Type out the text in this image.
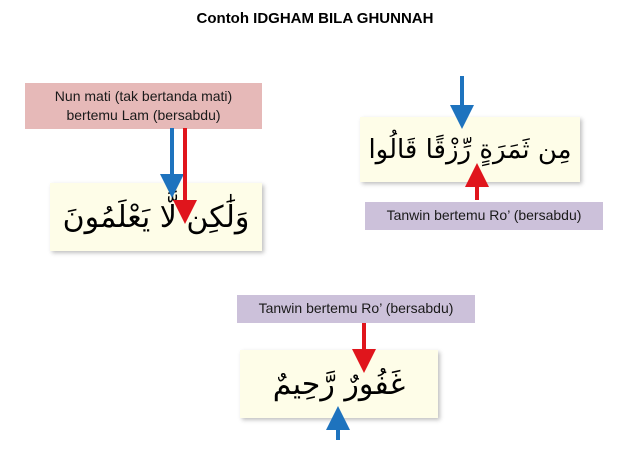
Contoh IDGHAM BILA GHUNNAH
Nun mati (tak bertanda mati) bertemu Lam (bersabdu)
وَلَٰكِن لَّا يَعْلَمُونَ
مِن ثَمَرَةٍ رِّزْقًا قَالُوا
Tanwin bertemu Ro’ (bersabdu)
Tanwin bertemu Ro’ (bersabdu)
غَفُورٌ رَّحِيمٌ
